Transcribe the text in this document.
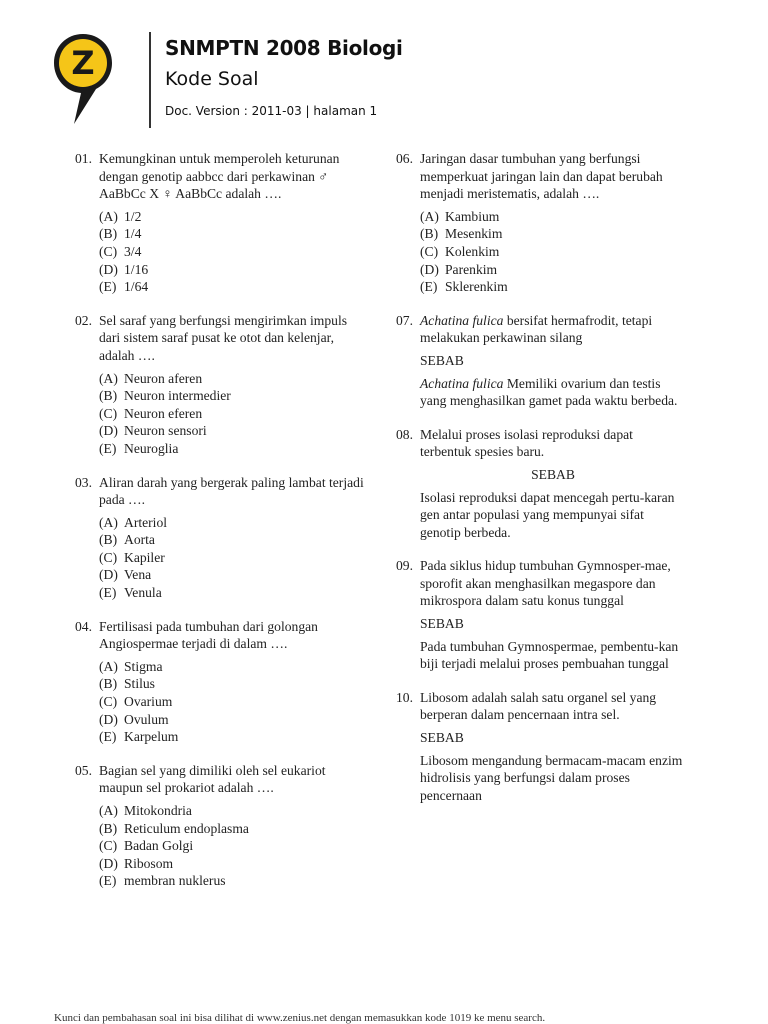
Z	SNMPTN 2008 Biologi
Kode Soal
Doc. Version : 2011-03 | halaman 1
01. Kemungkinan untuk memperoleh keturunan dengan genotip aabbcc dari perkawinan ♂ AaBbCc X ♀ AaBbCc adalah ….
(A) 1/2
(B) 1/4
(C) 3/4
(D) 1/16
(E) 1/64
02. Sel saraf yang berfungsi mengirimkan impuls dari sistem saraf pusat ke otot dan kelenjar, adalah ….
(A) Neuron aferen
(B) Neuron intermedier
(C) Neuron eferen
(D) Neuron sensori
(E) Neuroglia
03. Aliran darah yang bergerak paling lambat terjadi pada ….
(A) Arteriol
(B) Aorta
(C) Kapiler
(D) Vena
(E) Venula
04. Fertilisasi pada tumbuhan dari golongan Angiospermae terjadi di dalam ….
(A) Stigma
(B) Stilus
(C) Ovarium
(D) Ovulum
(E) Karpelum
05. Bagian sel yang dimiliki oleh sel eukariot maupun sel prokariot adalah ….
(A) Mitokondria
(B) Reticulum endoplasma
(C) Badan Golgi
(D) Ribosom
(E) membran nuklerus
06. Jaringan dasar tumbuhan yang berfungsi memperkuat jaringan lain dan dapat berubah menjadi meristematis, adalah ….
(A) Kambium
(B) Mesenkim
(C) Kolenkim
(D) Parenkim
(E) Sklerenkim
07. Achatina fulica bersifat hermafrodit, tetapi melakukan perkawinan silang
SEBAB
Achatina fulica Memiliki ovarium dan testis yang menghasilkan gamet pada waktu berbeda.
08. Melalui proses isolasi reproduksi dapat terbentuk spesies baru.
SEBAB
Isolasi reproduksi dapat mencegah pertu-karan gen antar populasi yang mempunyai sifat genotip berbeda.
09. Pada siklus hidup tumbuhan Gymnosper-mae, sporofit akan menghasilkan megaspore dan mikrospora dalam satu konus tunggal
SEBAB
Pada tumbuhan Gymnospermae, pembentu-kan biji terjadi melalui proses pembuahan tunggal
10. Libosom adalah salah satu organel sel yang berperan dalam pencernaan intra sel.
SEBAB
Libosom mengandung bermacam-macam enzim hidrolisis yang berfungsi dalam proses pencernaan
Kunci dan pembahasan soal ini bisa dilihat di www.zenius.net dengan memasukkan kode 1019 ke menu search.
